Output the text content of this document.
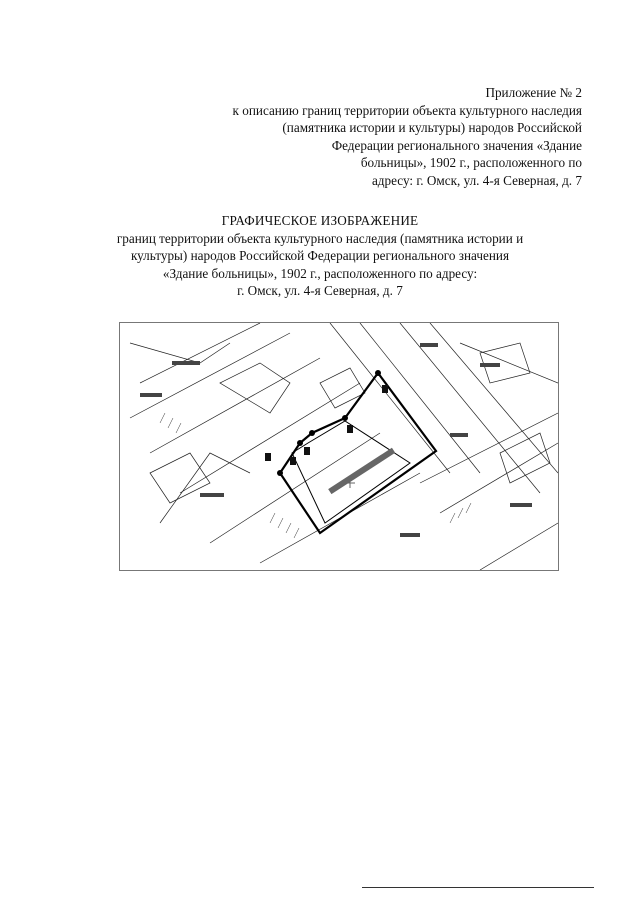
Приложение № 2
к описанию границ территории объекта культурного наследия
(памятника истории и культуры) народов Российской
Федерации регионального значения «Здание
больницы», 1902 г., расположенного по
адресу: г. Омск, ул. 4-я Северная, д. 7
ГРАФИЧЕСКОЕ ИЗОБРАЖЕНИЕ
границ территории объекта культурного наследия (памятника истории и
культуры) народов Российской Федерации регионального значения
«Здание больницы», 1902 г., расположенного по адресу:
г. Омск, ул. 4-я Северная, д. 7
